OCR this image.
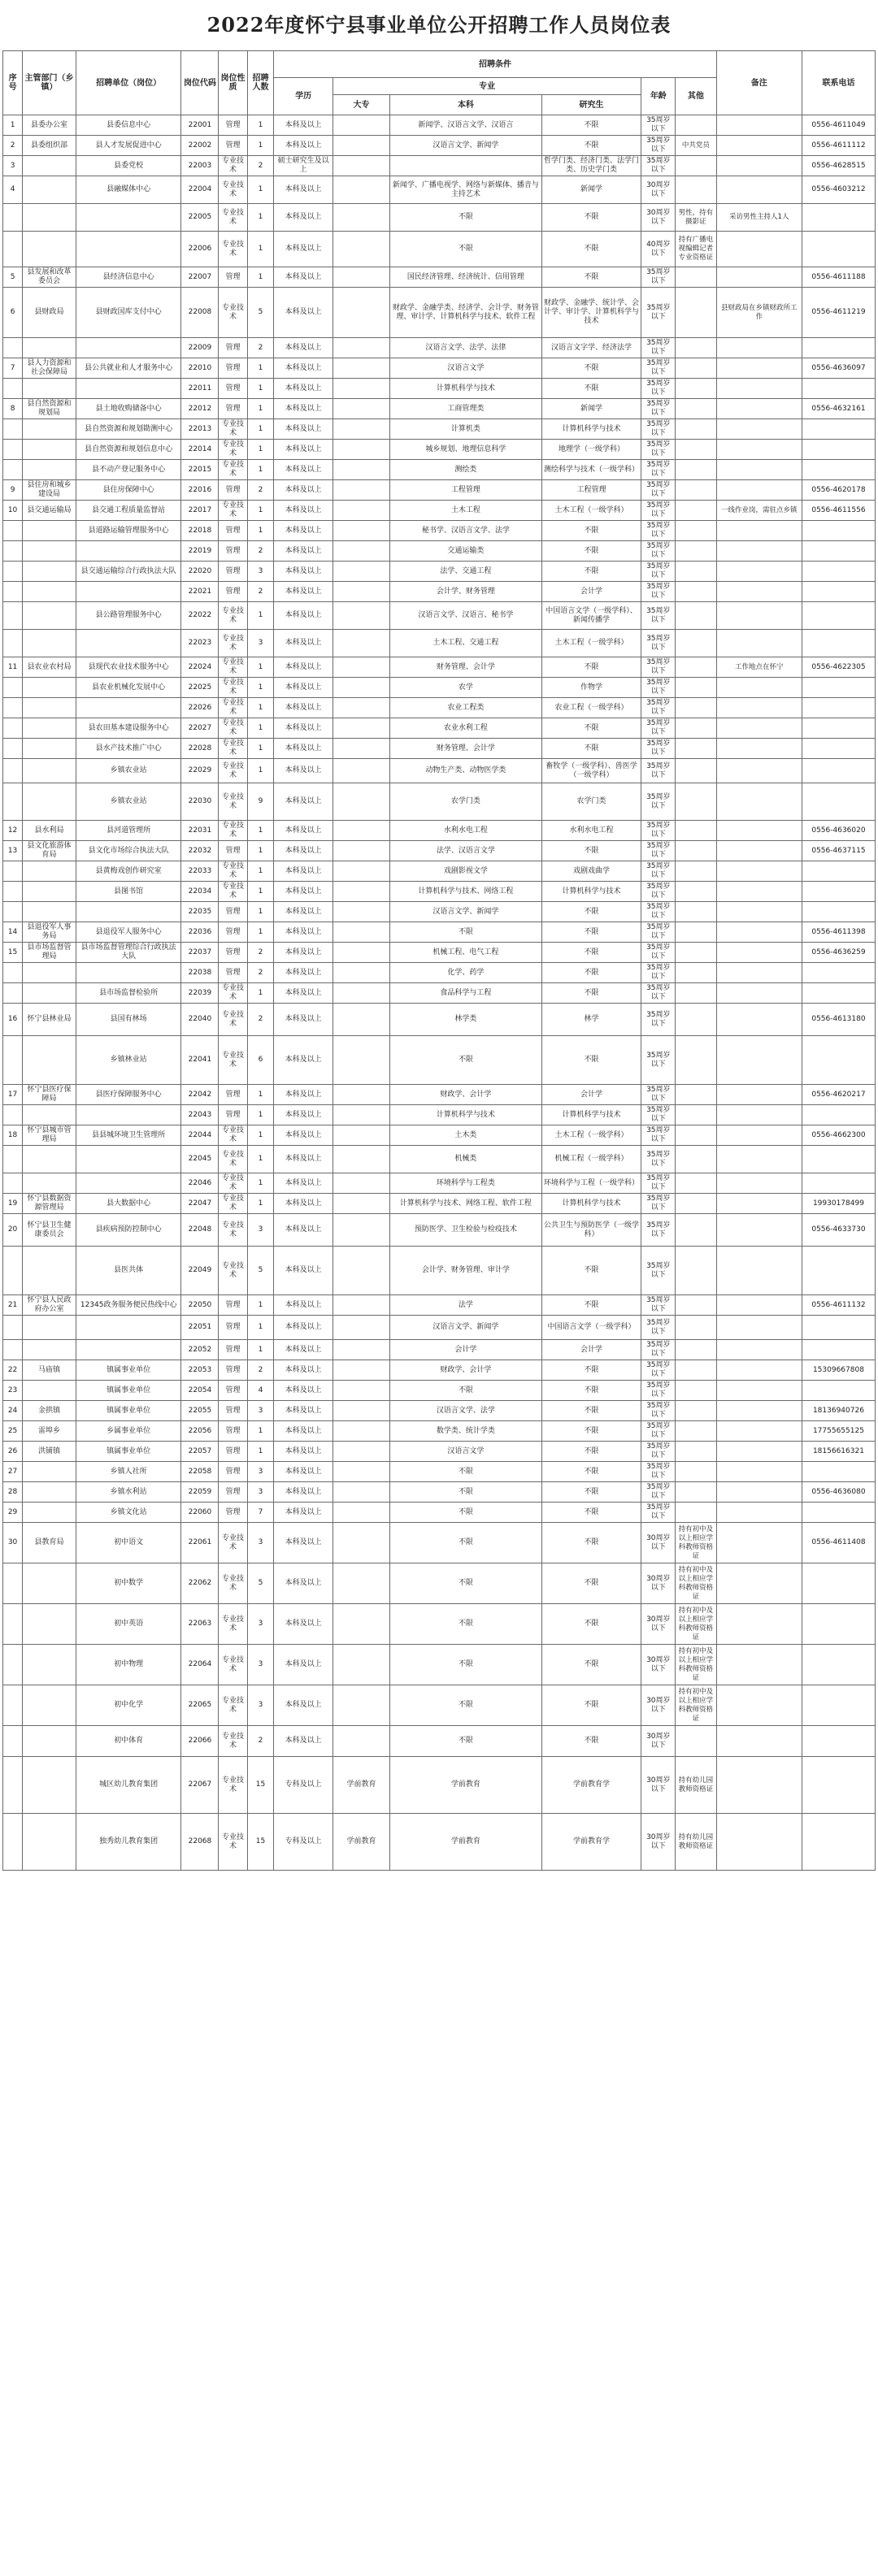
2022年度怀宁县事业单位公开招聘工作人员岗位表
序号	主管部门（乡镇）	招聘单位（岗位）	岗位代码	岗位性质	招聘人数	招聘条件						备注	联系电话
						学历	专业			年龄	其他		
							大专	本科	研究生				
1	县委办公室	县委信息中心	22001	管理	1	本科及以上		新闻学、汉语言文学、汉语言	不限	35周岁以下			0556-4611049
2	县委组织部	县人才发展促进中心	22002	管理	1	本科及以上		汉语言文学、新闻学	不限	35周岁以下	中共党员		0556-4611112
3		县委党校	22003	专业技术	2	硕士研究生及以上			哲学门类、经济门类、法学门类、历史学门类	35周岁以下			0556-4628515
4		县融媒体中心	22004	专业技术	1	本科及以上		新闻学、广播电视学、网络与新媒体、播音与主持艺术	新闻学	30周岁以下			0556-4603212
			22005	专业技术	1	本科及以上		不限	不限	30周岁以下	男性，持有摄影证	采访男性主持人1人	
			22006	专业技术	1	本科及以上		不限	不限	40周岁以下	持有广播电视编辑记者专业资格证		
5	县发展和改革委员会	县经济信息中心	22007	管理	1	本科及以上		国民经济管理、经济统计、信用管理	不限	35周岁以下			0556-4611188
6	县财政局	县财政国库支付中心	22008	专业技术	5	本科及以上		财政学、金融学类、经济学、会计学、财务管理、审计学、计算机科学与技术、软件工程	财政学、金融学、统计学、会计学、审计学、计算机科学与技术	35周岁以下		县财政局在乡镇财政所工作	0556-4611219
			22009	管理	2	本科及以上		汉语言文学、法学、法律	汉语言文字学、经济法学	35周岁以下			
7	县人力资源和社会保障局	县公共就业和人才服务中心	22010	管理	1	本科及以上		汉语言文学	不限	35周岁以下			0556-4636097
			22011	管理	1	本科及以上		计算机科学与技术	不限	35周岁以下			
8	县自然资源和规划局	县土地收购储备中心	22012	管理	1	本科及以上		工商管理类	新闻学	35周岁以下			0556-4632161
		县自然资源和规划勘测中心	22013	专业技术	1	本科及以上		计算机类	计算机科学与技术	35周岁以下			
		县自然资源和规划信息中心	22014	专业技术	1	本科及以上		城乡规划、地理信息科学	地理学（一级学科）	35周岁以下			
		县不动产登记服务中心	22015	专业技术	1	本科及以上		测绘类	测绘科学与技术（一级学科）	35周岁以下			
9	县住房和城乡建设局	县住房保障中心	22016	管理	2	本科及以上		工程管理	工程管理	35周岁以下			0556-4620178
10	县交通运输局	县交通工程质量监督站	22017	专业技术	1	本科及以上		土木工程	土木工程（一级学科）	35周岁以下		一线作业岗，需驻点乡镇	0556-4611556
		县道路运输管理服务中心	22018	管理	1	本科及以上		秘书学、汉语言文学、法学	不限	35周岁以下			
			22019	管理	2	本科及以上		交通运输类	不限	35周岁以下			
		县交通运输综合行政执法大队	22020	管理	3	本科及以上		法学、交通工程	不限	35周岁以下			
			22021	管理	2	本科及以上		会计学、财务管理	会计学	35周岁以下			
		县公路管理服务中心	22022	专业技术	1	本科及以上		汉语言文学、汉语言、秘书学	中国语言文学（一级学科）、新闻传播学	35周岁以下			
			22023	专业技术	3	本科及以上		土木工程、交通工程	土木工程（一级学科）	35周岁以下			
11	县农业农村局	县现代农业技术服务中心	22024	专业技术	1	本科及以上		财务管理、会计学	不限	35周岁以下		工作地点在怀宁	0556-4622305
		县农业机械化发展中心	22025	专业技术	1	本科及以上		农学	作物学	35周岁以下			
			22026	专业技术	1	本科及以上		农业工程类	农业工程（一级学科）	35周岁以下			
		县农田基本建设服务中心	22027	专业技术	1	本科及以上		农业水利工程	不限	35周岁以下			
		县水产技术推广中心	22028	专业技术	1	本科及以上		财务管理、会计学	不限	35周岁以下			
		乡镇农业站	22029	专业技术	1	本科及以上		动物生产类、动物医学类	畜牧学（一级学科）、兽医学（一级学科）	35周岁以下			
		乡镇农业站	22030	专业技术	9	本科及以上		农学门类	农学门类	35周岁以下			
12	县水利局	县河道管理所	22031	专业技术	1	本科及以上		水利水电工程	水利水电工程	35周岁以下			0556-4636020
13	县文化旅游体育局	县文化市场综合执法大队	22032	管理	1	本科及以上		法学、汉语言文学	不限	35周岁以下			0556-4637115
		县黄梅戏创作研究室	22033	专业技术	1	本科及以上		戏剧影视文学	戏剧戏曲学	35周岁以下			
		县图书馆	22034	专业技术	1	本科及以上		计算机科学与技术、网络工程	计算机科学与技术	35周岁以下			
			22035	管理	1	本科及以上		汉语言文学、新闻学	不限	35周岁以下			
14	县退役军人事务局	县退役军人服务中心	22036	管理	1	本科及以上		不限	不限	35周岁以下			0556-4611398
15	县市场监督管理局	县市场监督管理综合行政执法大队	22037	管理	2	本科及以上		机械工程、电气工程	不限	35周岁以下			0556-4636259
			22038	管理	2	本科及以上		化学、药学	不限	35周岁以下			
		县市场监督检验所	22039	专业技术	1	本科及以上		食品科学与工程	不限	35周岁以下			
16	怀宁县林业局	县国有林场	22040	专业技术	2	本科及以上		林学类	林学	35周岁以下			0556-4613180
		乡镇林业站	22041	专业技术	6	本科及以上		不限	不限	35周岁以下			
17	怀宁县医疗保障局	县医疗保障服务中心	22042	管理	1	本科及以上		财政学、会计学	会计学	35周岁以下			0556-4620217
			22043	管理	1	本科及以上		计算机科学与技术	计算机科学与技术	35周岁以下			
18	怀宁县城市管理局	县县城环境卫生管理所	22044	专业技术	1	本科及以上		土木类	土木工程（一级学科）	35周岁以下			0556-4662300
			22045	专业技术	1	本科及以上		机械类	机械工程（一级学科）	35周岁以下			
			22046	专业技术	1	本科及以上		环境科学与工程类	环境科学与工程（一级学科）	35周岁以下			
19	怀宁县数据资源管理局	县大数据中心	22047	专业技术	1	本科及以上		计算机科学与技术、网络工程、软件工程	计算机科学与技术	35周岁以下			19930178499
20	怀宁县卫生健康委员会	县疾病预防控制中心	22048	专业技术	3	本科及以上		预防医学、卫生检验与检疫技术	公共卫生与预防医学（一级学科）	35周岁以下			0556-4633730
		县医共体	22049	专业技术	5	本科及以上		会计学、财务管理、审计学	不限	35周岁以下			
21	怀宁县人民政府办公室	12345政务服务便民热线中心	22050	管理	1	本科及以上		法学	不限	35周岁以下			0556-4611132
			22051	管理	1	本科及以上		汉语言文学、新闻学	中国语言文学（一级学科）	35周岁以下			
			22052	管理	1	本科及以上		会计学	会计学	35周岁以下			
22	马庙镇	镇属事业单位	22053	管理	2	本科及以上		财政学、会计学	不限	35周岁以下			15309667808
23		镇属事业单位	22054	管理	4	本科及以上		不限	不限	35周岁以下			
24	金拱镇	镇属事业单位	22055	管理	3	本科及以上		汉语言文学、法学	不限	35周岁以下			18136940726
25	雷埠乡	乡属事业单位	22056	管理	1	本科及以上		数学类、统计学类	不限	35周岁以下			17755655125
26	洪铺镇	镇属事业单位	22057	管理	1	本科及以上		汉语言文学	不限	35周岁以下			18156616321
27		乡镇人社所	22058	管理	3	本科及以上		不限	不限	35周岁以下			
28		乡镇水利站	22059	管理	3	本科及以上		不限	不限	35周岁以下			0556-4636080
29		乡镇文化站	22060	管理	7	本科及以上		不限	不限	35周岁以下			
30	县教育局	初中语文	22061	专业技术	3	本科及以上		不限	不限	30周岁以下	持有初中及以上相应学科教师资格证		0556-4611408
		初中数学	22062	专业技术	5	本科及以上		不限	不限	30周岁以下	持有初中及以上相应学科教师资格证		
		初中英语	22063	专业技术	3	本科及以上		不限	不限	30周岁以下	持有初中及以上相应学科教师资格证		
		初中物理	22064	专业技术	3	本科及以上		不限	不限	30周岁以下	持有初中及以上相应学科教师资格证		
		初中化学	22065	专业技术	3	本科及以上		不限	不限	30周岁以下	持有初中及以上相应学科教师资格证		
		初中体育	22066	专业技术	2	本科及以上		不限	不限	30周岁以下			
		城区幼儿教育集团	22067	专业技术	15	专科及以上	学前教育	学前教育	学前教育学	30周岁以下	持有幼儿园教师资格证		
		独秀幼儿教育集团	22068	专业技术	15	专科及以上	学前教育	学前教育	学前教育学	30周岁以下	持有幼儿园教师资格证		
